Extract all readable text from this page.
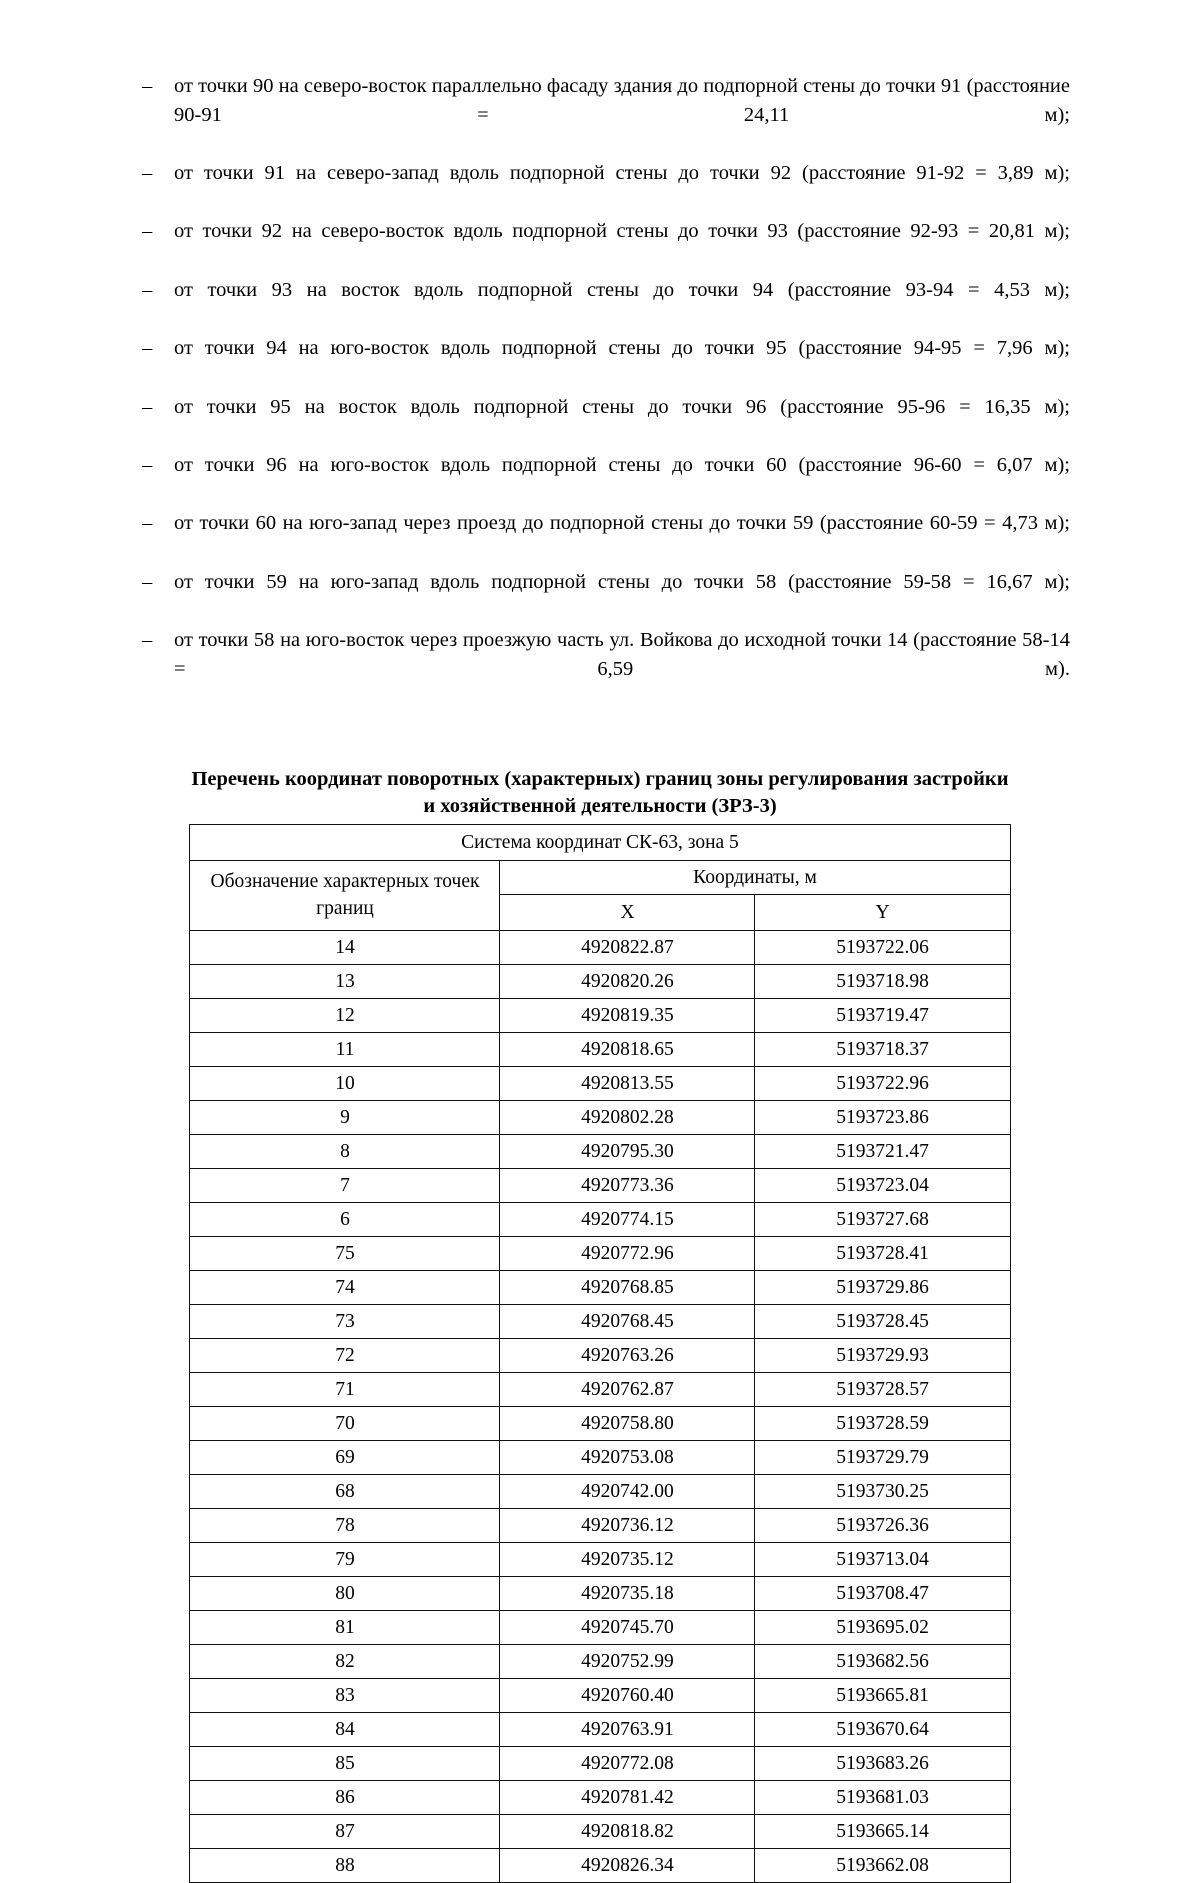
–	от точки 90 на северо-восток параллельно фасаду здания до подпорной стены до точки 91 (расстояние 90-91 = 24,11 м);
–	от точки 91 на северо-запад вдоль подпорной стены до точки 92 (расстояние 91-92 = 3,89 м);
–	от точки 92 на северо-восток вдоль подпорной стены до точки 93 (расстояние 92-93 = 20,81 м);
–	от точки 93 на восток вдоль подпорной стены до точки 94 (расстояние 93-94 = 4,53 м);
–	от точки 94 на юго-восток вдоль подпорной стены до точки 95 (расстояние 94-95 = 7,96 м);
–	от точки 95 на восток вдоль подпорной стены до точки 96 (расстояние 95-96 = 16,35 м);
–	от точки 96 на юго-восток вдоль подпорной стены до точки 60 (расстояние 96-60 = 6,07 м);
–	от точки 60 на юго-запад через проезд до подпорной стены до точки 59 (расстояние 60-59 = 4,73 м);
–	от точки 59 на юго-запад вдоль подпорной стены до точки 58 (расстояние 59-58 = 16,67 м);
–	от точки 58 на юго-восток через проезжую часть ул. Войкова до исходной точки 14 (расстояние 58-14 = 6,59 м).
Перечень координат поворотных (характерных) границ зоны регулирования застройки
и хозяйственной деятельности (ЗРЗ-3)
Система координат СК-63, зона 5		
Обозначение характерных точек границ	Координаты, м	
	X	Y
14	4920822.87	5193722.06
13	4920820.26	5193718.98
12	4920819.35	5193719.47
11	4920818.65	5193718.37
10	4920813.55	5193722.96
9	4920802.28	5193723.86
8	4920795.30	5193721.47
7	4920773.36	5193723.04
6	4920774.15	5193727.68
75	4920772.96	5193728.41
74	4920768.85	5193729.86
73	4920768.45	5193728.45
72	4920763.26	5193729.93
71	4920762.87	5193728.57
70	4920758.80	5193728.59
69	4920753.08	5193729.79
68	4920742.00	5193730.25
78	4920736.12	5193726.36
79	4920735.12	5193713.04
80	4920735.18	5193708.47
81	4920745.70	5193695.02
82	4920752.99	5193682.56
83	4920760.40	5193665.81
84	4920763.91	5193670.64
85	4920772.08	5193683.26
86	4920781.42	5193681.03
87	4920818.82	5193665.14
88	4920826.34	5193662.08
